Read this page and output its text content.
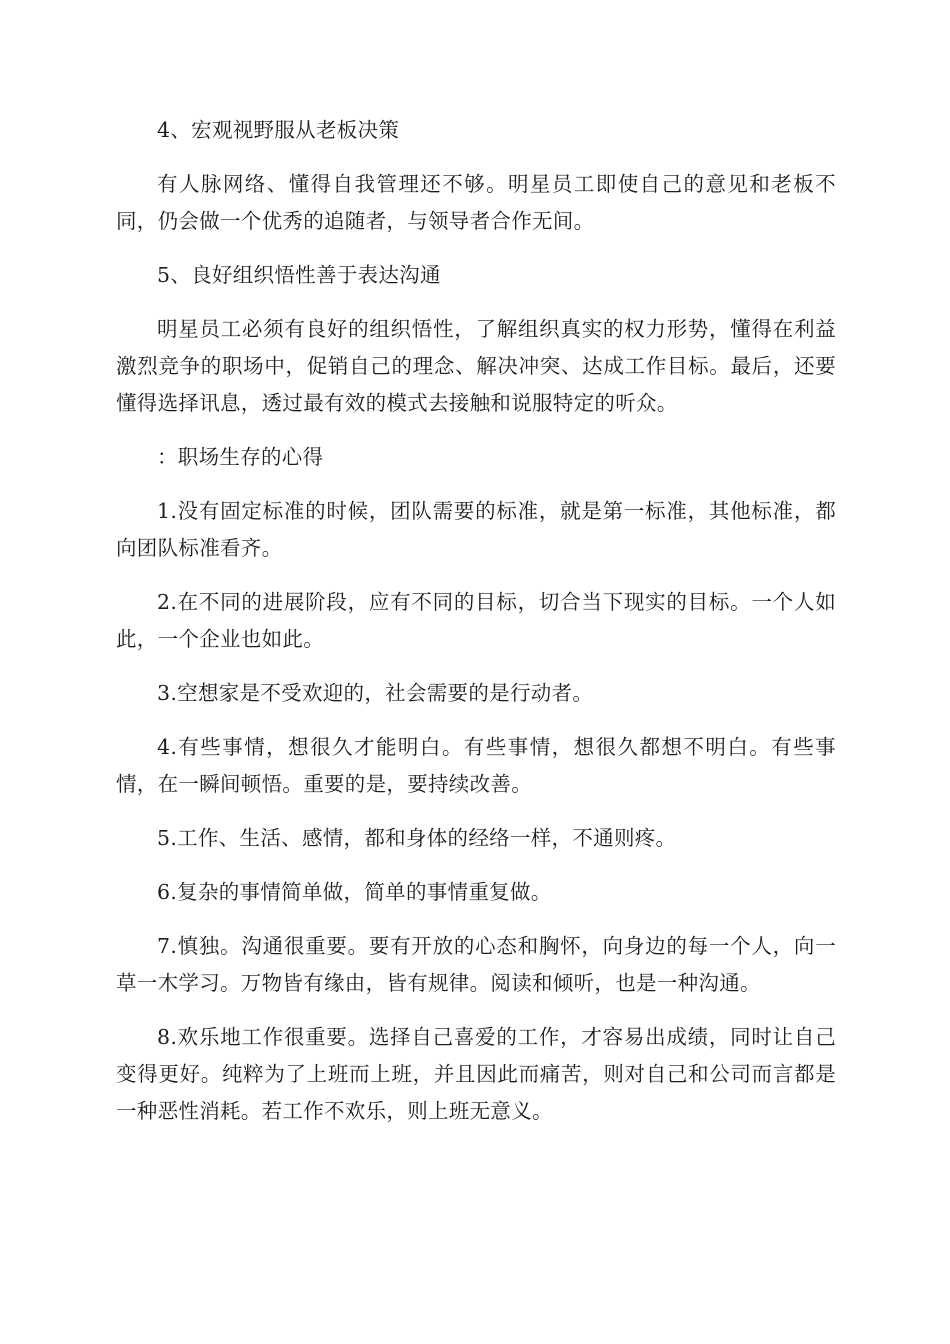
4、宏观视野服从老板决策

有人脉网络、懂得自我管理还不够。明星员工即使自己的意见和老板不同，仍会做一个优秀的追随者，与领导者合作无间。

5、良好组织悟性善于表达沟通

明星员工必须有良好的组织悟性，了解组织真实的权力形势，懂得在利益激烈竞争的职场中，促销自己的理念、解决冲突、达成工作目标。最后，还要懂得选择讯息，透过最有效的模式去接触和说服特定的听众。

：职场生存的心得

1.没有固定标准的时候，团队需要的标准，就是第一标准，其他标准，都向团队标准看齐。

2.在不同的进展阶段，应有不同的目标，切合当下现实的目标。一个人如此，一个企业也如此。

3.空想家是不受欢迎的，社会需要的是行动者。

4.有些事情，想很久才能明白。有些事情，想很久都想不明白。有些事情，在一瞬间顿悟。重要的是，要持续改善。

5.工作、生活、感情，都和身体的经络一样，不通则疼。

6.复杂的事情简单做，简单的事情重复做。

7.慎独。沟通很重要。要有开放的心态和胸怀，向身边的每一个人，向一草一木学习。万物皆有缘由，皆有规律。阅读和倾听，也是一种沟通。

8.欢乐地工作很重要。选择自己喜爱的工作，才容易出成绩，同时让自己变得更好。纯粹为了上班而上班，并且因此而痛苦，则对自己和公司而言都是一种恶性消耗。若工作不欢乐，则上班无意义。
